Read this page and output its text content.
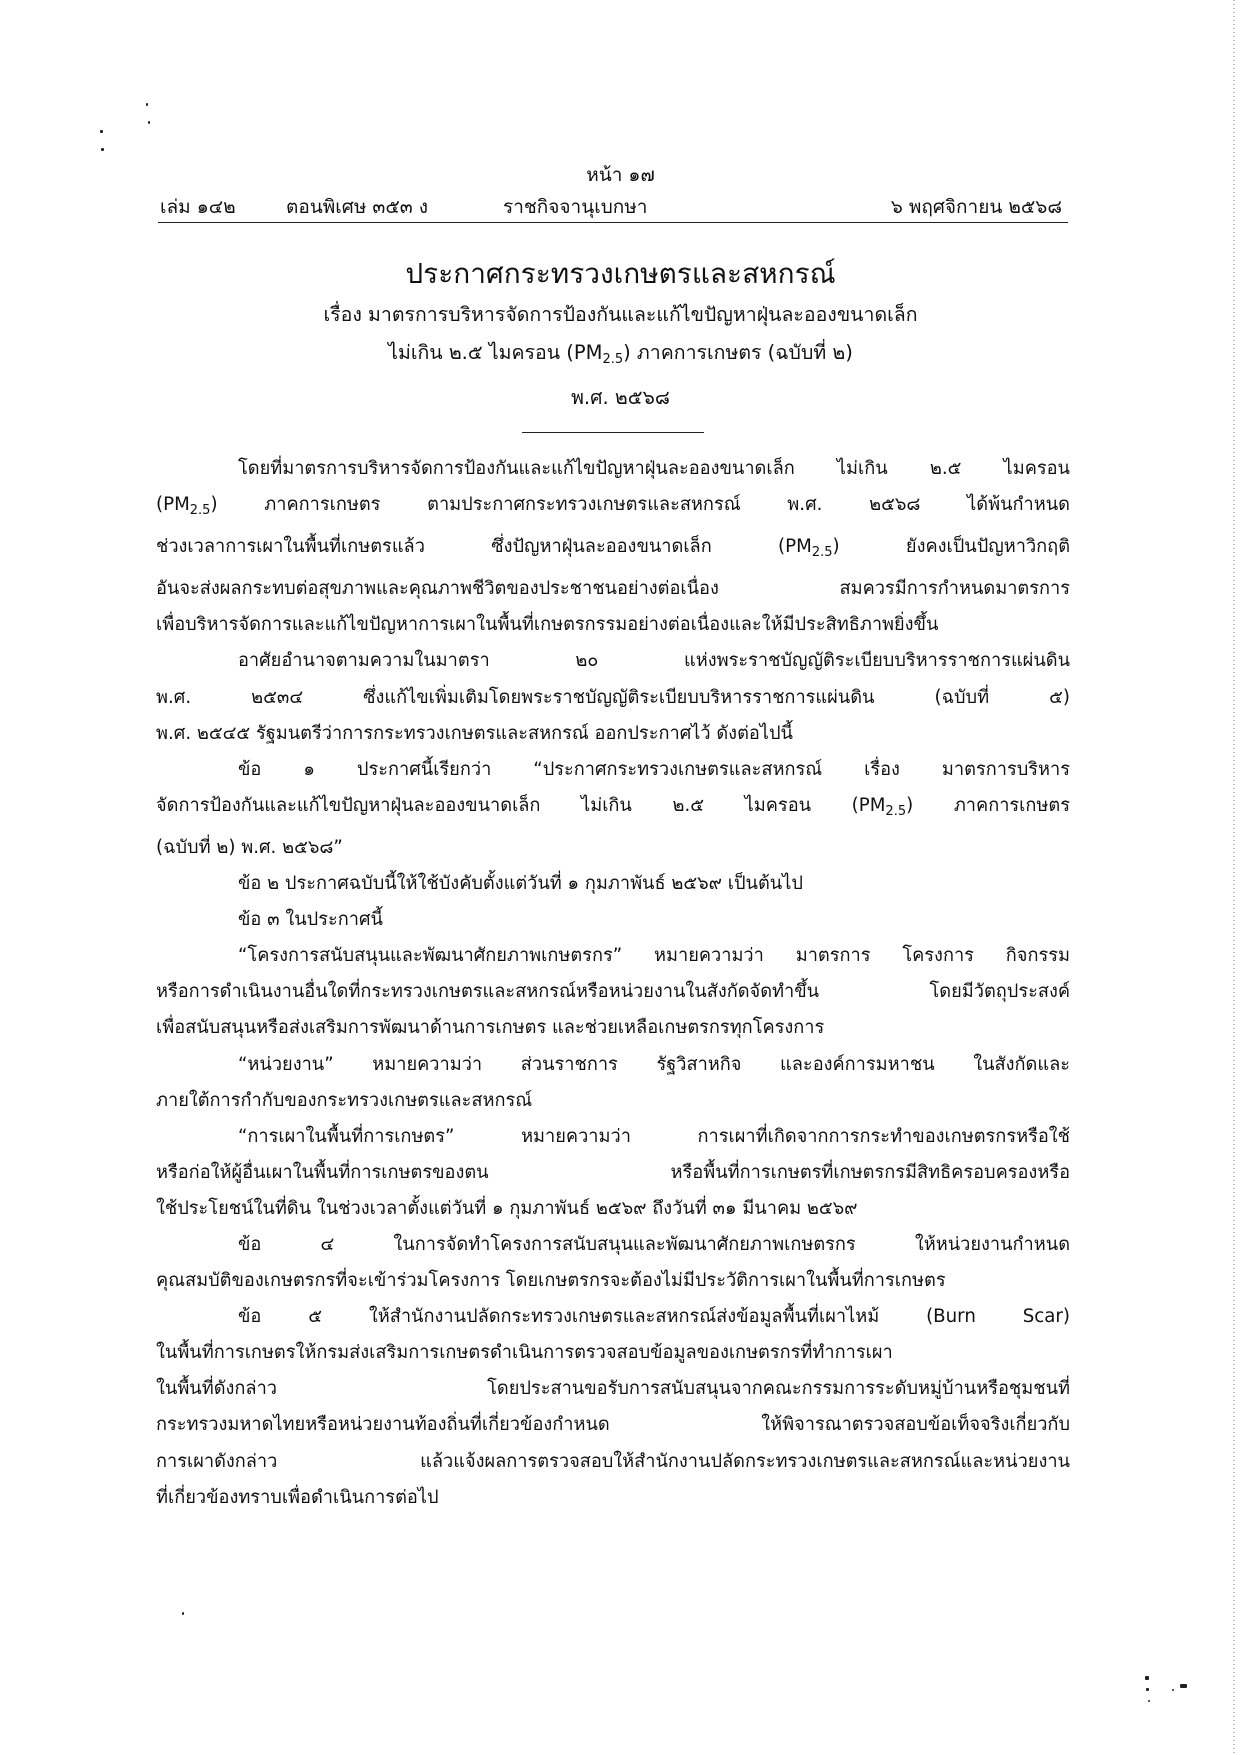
หน้า ๑๗
เล่ม ๑๔๒	ตอนพิเศษ ๓๕๓ ง	ราชกิจจานุเบกษา	๖ พฤศจิกายน ๒๕๖๘
ประกาศกระทรวงเกษตรและสหกรณ์
เรื่อง มาตรการบริหารจัดการป้องกันและแก้ไขปัญหาฝุ่นละอองขนาดเล็ก
ไม่เกิน ๒.๕ ไมครอน $(PM_{2.5})$ ภาคการเกษตร (ฉบับที่ ๒)
พ.ศ. ๒๕๖๘
โดยที่มาตรการบริหารจัดการป้องกันและแก้ไขปัญหาฝุ่นละอองขนาดเล็ก ไม่เกิน ๒.๕ ไมครอน
$(PM_{2.5})$ ภาคการเกษตร ตามประกาศกระทรวงเกษตรและสหกรณ์ พ.ศ. ๒๕๖๘ ได้พ้นกำหนด
ช่วงเวลาการเผาในพื้นที่เกษตรแล้ว ซึ่งปัญหาฝุ่นละอองขนาดเล็ก $(PM_{2.5})$ ยังคงเป็นปัญหาวิกฤติ
อันจะส่งผลกระทบต่อสุขภาพและคุณภาพชีวิตของประชาชนอย่างต่อเนื่อง สมควรมีการกำหนดมาตรการ
เพื่อบริหารจัดการและแก้ไขปัญหาการเผาในพื้นที่เกษตรกรรมอย่างต่อเนื่องและให้มีประสิทธิภาพยิ่งขึ้น
อาศัยอำนาจตามความในมาตรา ๒๐ แห่งพระราชบัญญัติระเบียบบริหารราชการแผ่นดิน
พ.ศ. ๒๕๓๔ ซึ่งแก้ไขเพิ่มเติมโดยพระราชบัญญัติระเบียบบริหารราชการแผ่นดิน (ฉบับที่ ๕)
พ.ศ. ๒๕๔๕ รัฐมนตรีว่าการกระทรวงเกษตรและสหกรณ์ ออกประกาศไว้ ดังต่อไปนี้
ข้อ ๑ ประกาศนี้เรียกว่า “ประกาศกระทรวงเกษตรและสหกรณ์ เรื่อง มาตรการบริหาร
จัดการป้องกันและแก้ไขปัญหาฝุ่นละอองขนาดเล็ก ไม่เกิน ๒.๕ ไมครอน $(PM_{2.5})$ ภาคการเกษตร
(ฉบับที่ ๒) พ.ศ. ๒๕๖๘”
ข้อ ๒ ประกาศฉบับนี้ให้ใช้บังคับตั้งแต่วันที่ ๑ กุมภาพันธ์ ๒๕๖๙ เป็นต้นไป
ข้อ ๓ ในประกาศนี้
“โครงการสนับสนุนและพัฒนาศักยภาพเกษตรกร” หมายความว่า มาตรการ โครงการ กิจกรรม
หรือการดำเนินงานอื่นใดที่กระทรวงเกษตรและสหกรณ์หรือหน่วยงานในสังกัดจัดทำขึ้น โดยมีวัตถุประสงค์
เพื่อสนับสนุนหรือส่งเสริมการพัฒนาด้านการเกษตร และช่วยเหลือเกษตรกรทุกโครงการ
“หน่วยงาน” หมายความว่า ส่วนราชการ รัฐวิสาหกิจ และองค์การมหาชน ในสังกัดและ
ภายใต้การกำกับของกระทรวงเกษตรและสหกรณ์
“การเผาในพื้นที่การเกษตร” หมายความว่า การเผาที่เกิดจากการกระทำของเกษตรกรหรือใช้
หรือก่อให้ผู้อื่นเผาในพื้นที่การเกษตรของตน หรือพื้นที่การเกษตรที่เกษตรกรมีสิทธิครอบครองหรือ
ใช้ประโยชน์ในที่ดิน ในช่วงเวลาตั้งแต่วันที่ ๑ กุมภาพันธ์ ๒๕๖๙ ถึงวันที่ ๓๑ มีนาคม ๒๕๖๙
ข้อ ๔ ในการจัดทำโครงการสนับสนุนและพัฒนาศักยภาพเกษตรกร ให้หน่วยงานกำหนด
คุณสมบัติของเกษตรกรที่จะเข้าร่วมโครงการ โดยเกษตรกรจะต้องไม่มีประวัติการเผาในพื้นที่การเกษตร
ข้อ ๕ ให้สำนักงานปลัดกระทรวงเกษตรและสหกรณ์ส่งข้อมูลพื้นที่เผาไหม้ (Burn Scar)
ในพื้นที่การเกษตรให้กรมส่งเสริมการเกษตรดำเนินการตรวจสอบข้อมูลของเกษตรกรที่ทำการเผา
ในพื้นที่ดังกล่าว โดยประสานขอรับการสนับสนุนจากคณะกรรมการระดับหมู่บ้านหรือชุมชนที่
กระทรวงมหาดไทยหรือหน่วยงานท้องถิ่นที่เกี่ยวข้องกำหนด ให้พิจารณาตรวจสอบข้อเท็จจริงเกี่ยวกับ
การเผาดังกล่าว แล้วแจ้งผลการตรวจสอบให้สำนักงานปลัดกระทรวงเกษตรและสหกรณ์และหน่วยงาน
ที่เกี่ยวข้องทราบเพื่อดำเนินการต่อไป
